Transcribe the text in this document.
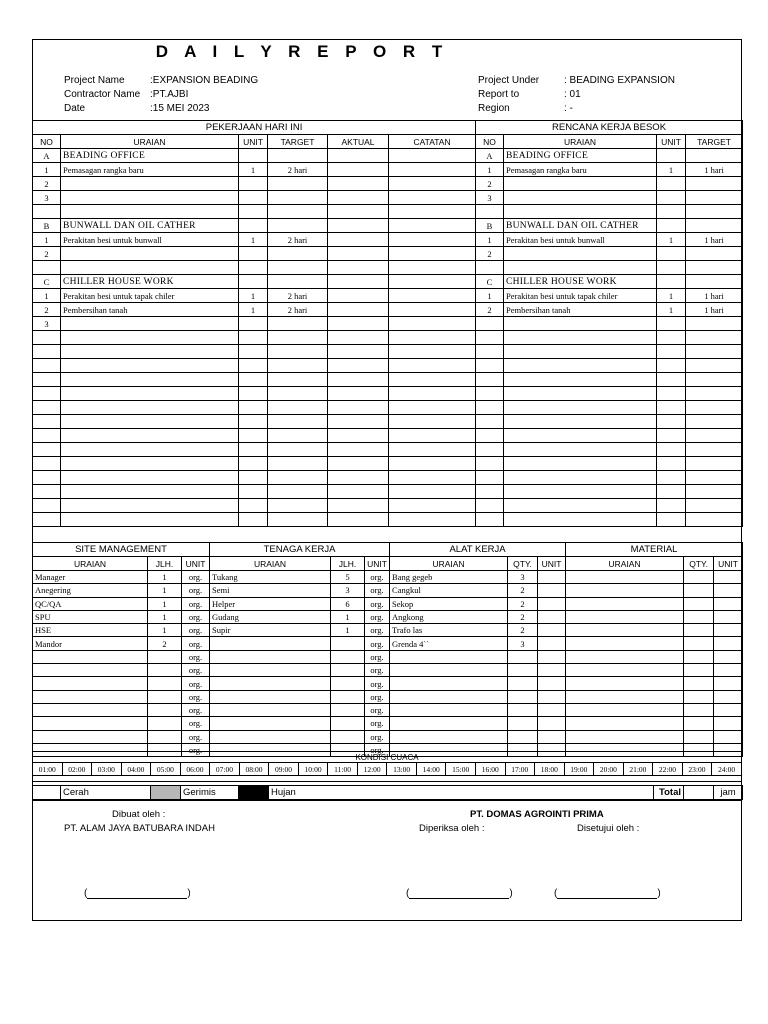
D A I L Y R E P O R T
Project Name	:EXPANSION BEADING
Contractor Name :PT.AJBI
Date	:15 MEI 2023
Project Under	: BEADING EXPANSION
Report to	: 01
Region	: -
PEKERJAAN HARI INI					
NO	URAIAN	UNIT	TARGET	AKTUAL	CATATAN
A	BEADING OFFICE				
1	Pemasagan rangka baru	1	2 hari		
2					
3					

B	BUNWALL DAN OIL CATHER				
1	Perakitan besi untuk bunwall	1	2 hari		
2					

C	CHILLER HOUSE WORK				
1	Perakitan besi untuk tapak chiler	1	2 hari		
2	Pembersihan tanah	1	2 hari		
3					

RENCANA KERJA BESOK			
NO	URAIAN	UNIT	TARGET
A	BEADING OFFICE		
1	Pemasagan rangka baru	1	1 hari
2			
3			

B	BUNWALL DAN OIL CATHER		
1	Perakitan besi untuk bunwall	1	1 hari
2			

C	CHILLER HOUSE WORK		
1	Perakitan besi untuk tapak chiler	1	1 hari
2	Pembersihan tanah	1	1 hari

SITE MANAGEMENT			TENAGA KERJA			ALAT KERJA			MATERIAL		
URAIAN	JLH.	UNIT	URAIAN	JLH.	UNIT	URAIAN	QTY.	UNIT	URAIAN	QTY.	UNIT
Manager	1	org.	Tukang	5	org.	Bang gegeb	3				
Anegering	1	org.	Semi	3	org.	Cangkul	2				
QC/QA	1	org.	Helper	6	org.	Sekop	2				
SPU	1	org.	Gudang	1	org.	Angkong	2				
HSE	1	org.	Supir	1	org.	Trafo las	2				
Mandor	2	org.			org.	Grenda 4``	3				
		org.			org.						
		org.			org.						
		org.			org.						
		org.			org.						
		org.			org.						
		org.			org.						
		org.			org.						
		org.			org.						
KONDISI CUACA
01:00	02:00	03:00	04:00	05:00	06:00	07:00	08:00	09:00	10:00	11:00	12:00	13:00	14:00	15:00	16:00	17:00	18:00	19:00	20:00	21:00	22:00	23:00	24:00

	Cerah		Gerimis		Hujan	Total		jam
Dibuat oleh :
PT. ALAM JAYA BATUBARA INDAH
PT. DOMAS AGROINTI PRIMA
Diperiksa oleh :	Disetujui oleh :
(	)	(	)	(	)
